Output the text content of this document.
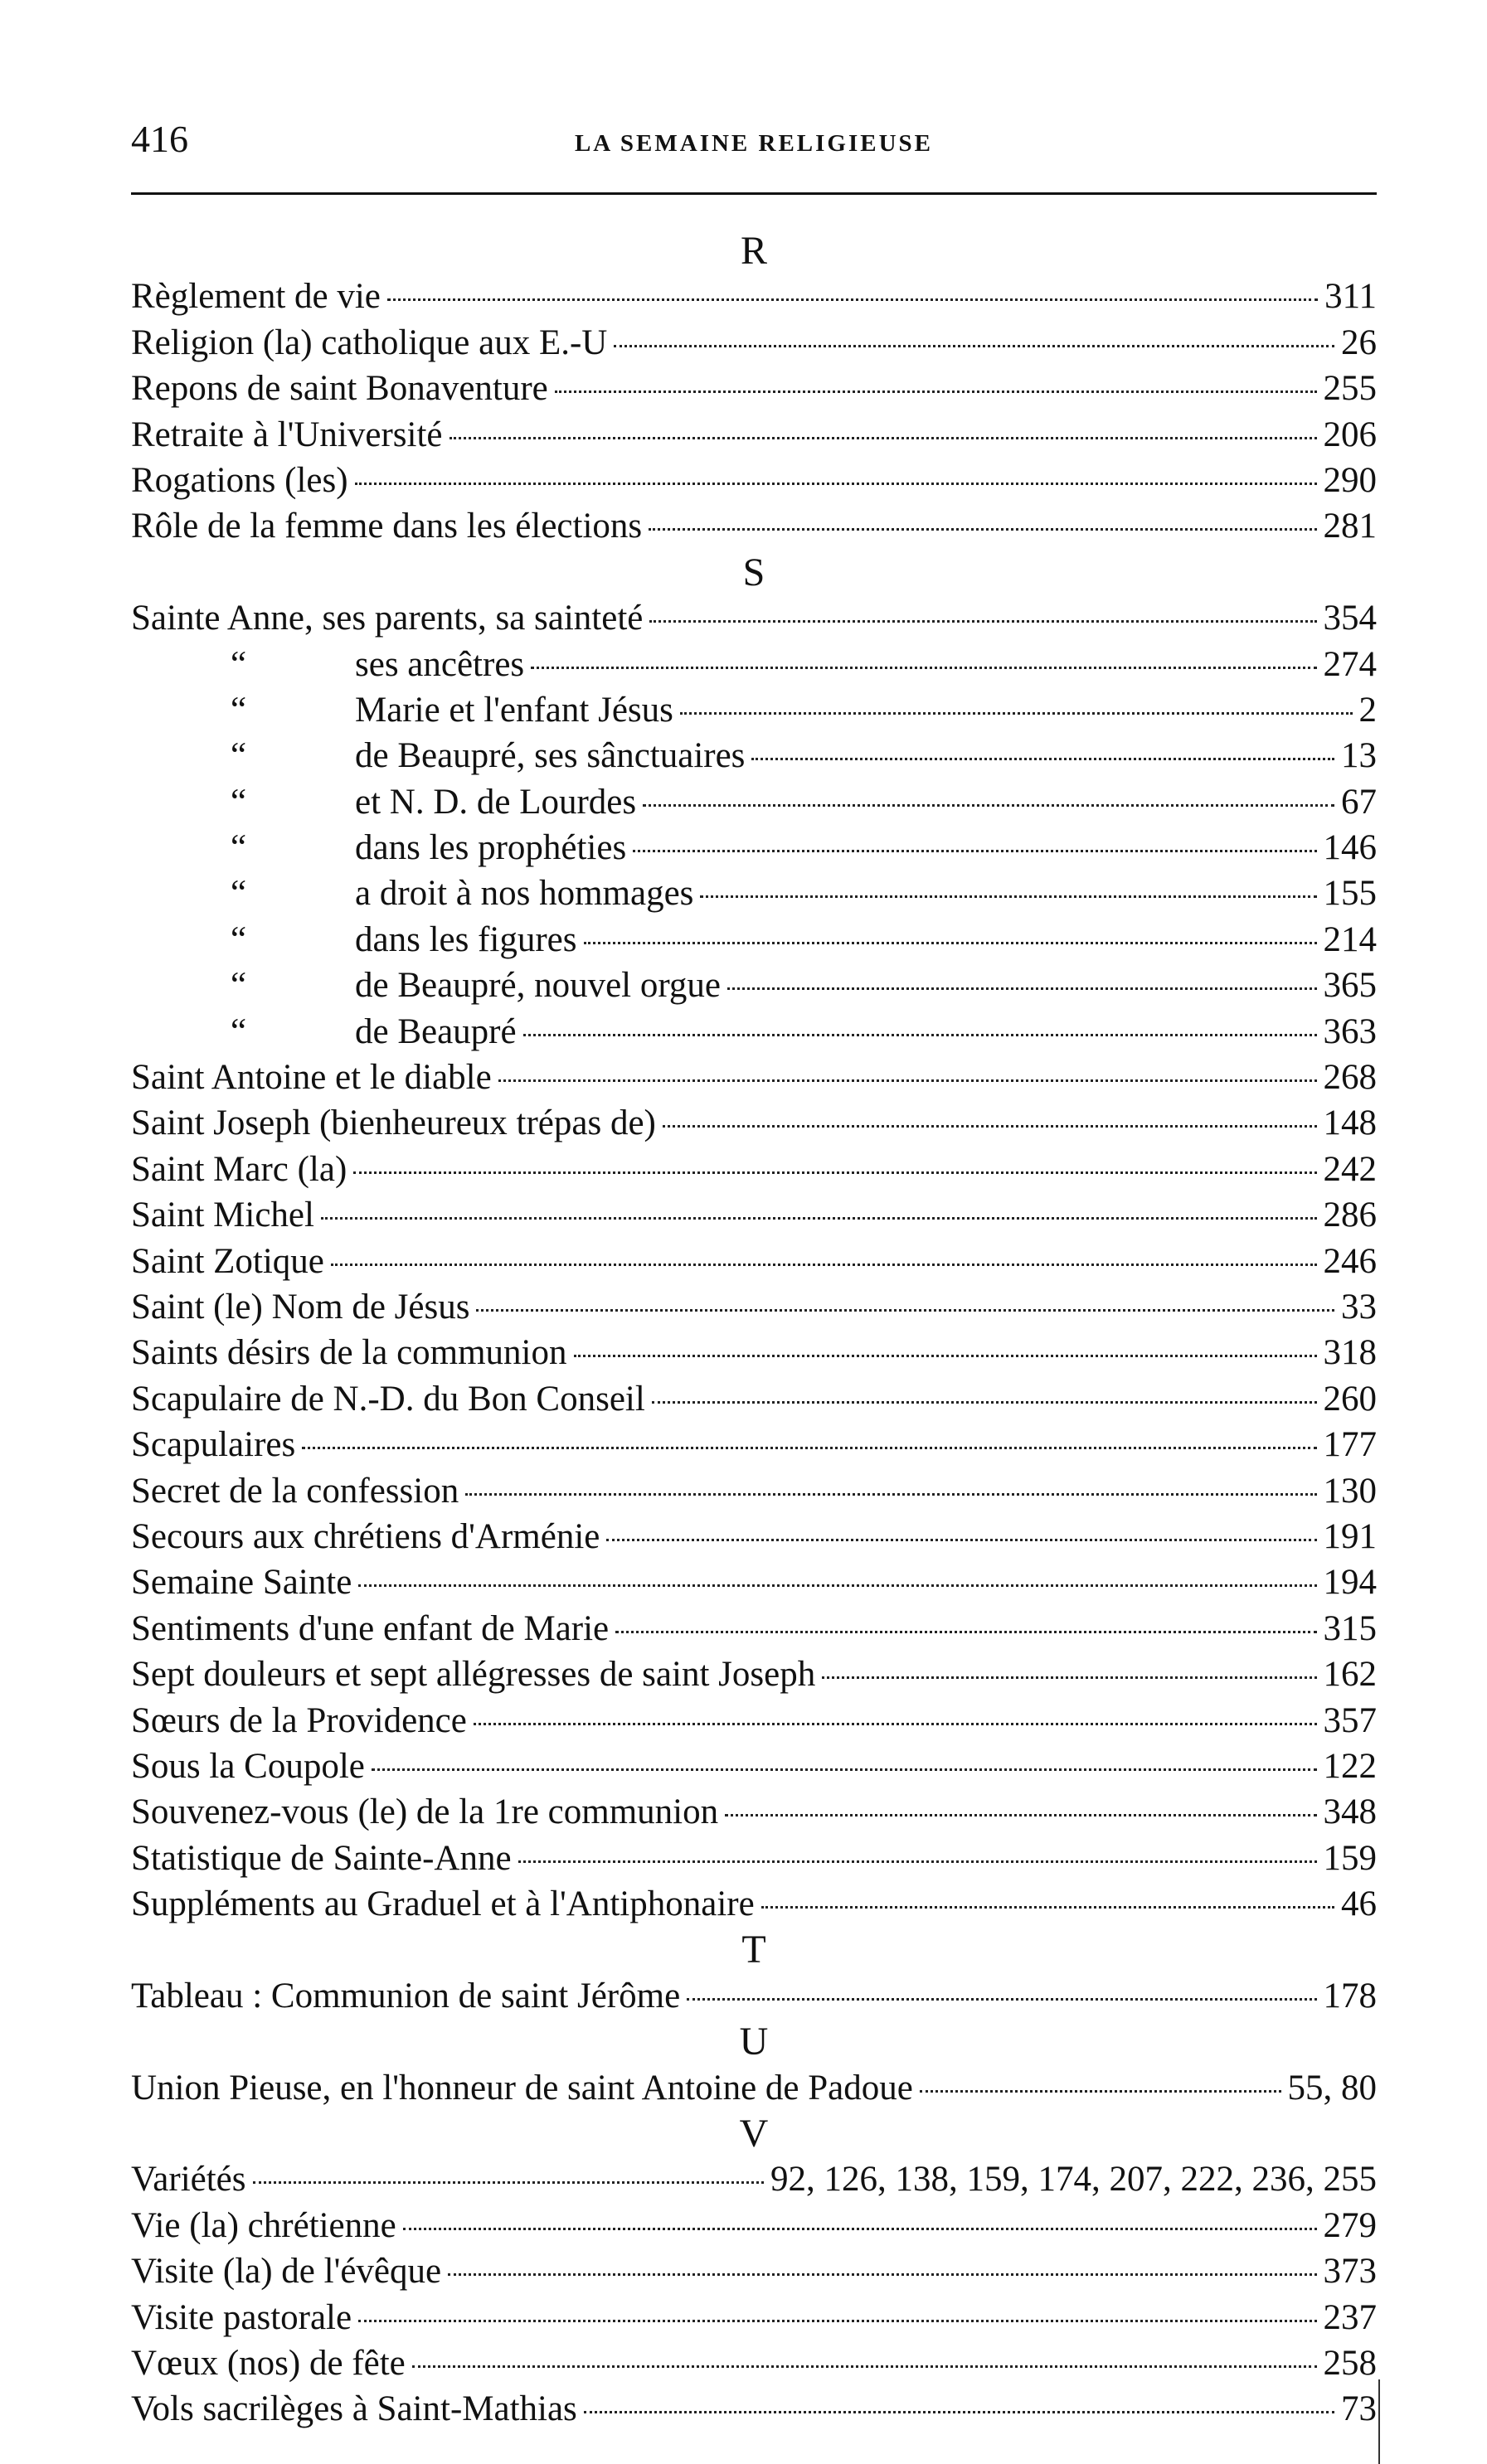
416	LA SEMAINE RELIGIEUSE
R
Règlement de vie	311
Religion (la) catholique aux E.-U	26
Repons de saint Bonaventure	255
Retraite à l'Université	206
Rogations (les)	290
Rôle de la femme dans les élections	281
S
Sainte Anne, ses parents, sa sainteté	354
“	ses ancêtres	274
“	Marie et l'enfant Jésus	2
“	de Beaupré, ses sânctuaires	13
“	et N. D. de Lourdes	67
“	dans les prophéties	146
“	a droit à nos hommages	155
“	dans les figures	214
“	de Beaupré, nouvel orgue	365
“	de Beaupré	363
Saint Antoine et le diable	268
Saint Joseph (bienheureux trépas de)	148
Saint Marc (la)	242
Saint Michel	286
Saint Zotique	246
Saint (le) Nom de Jésus	33
Saints désirs de la communion	318
Scapulaire de N.-D. du Bon Conseil	260
Scapulaires	177
Secret de la confession	130
Secours aux chrétiens d'Arménie	191
Semaine Sainte	194
Sentiments d'une enfant de Marie	315
Sept douleurs et sept allégresses de saint Joseph	162
Sœurs de la Providence	357
Sous la Coupole	122
Souvenez-vous (le) de la 1re communion	348
Statistique de Sainte-Anne	159
Suppléments au Graduel et à l'Antiphonaire	46
T
Tableau : Communion de saint Jérôme	178
U
Union Pieuse, en l'honneur de saint Antoine de Padoue	55, 80
V
Variétés	92, 126, 138, 159, 174, 207, 222, 236, 255
Vie (la) chrétienne	279
Visite (la) de l'évêque	373
Visite pastorale	237
Vœux (nos) de fête	258
Vols sacrilèges à Saint-Mathias	73
